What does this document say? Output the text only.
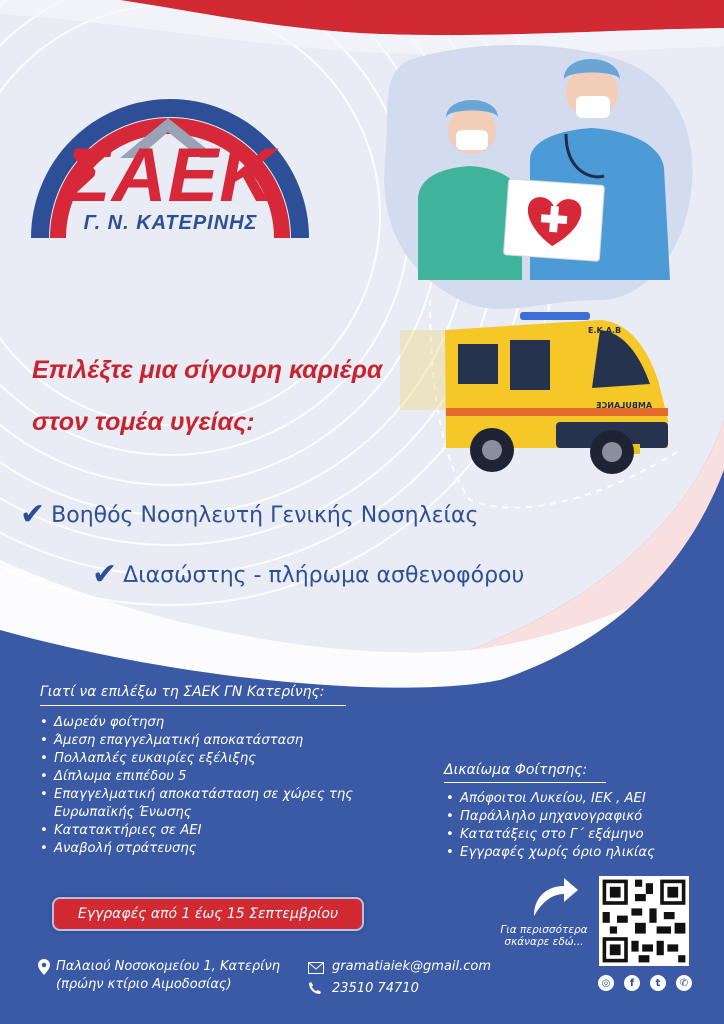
Ε.Κ.Α.Β
AMBULANCE
ΣΑΕΚ
Γ. Ν. ΚΑΤΕΡΙΝΗΣ
Επιλέξτε μια σίγουρη καριέρα
στον τομέα υγείας:
✔ Βοηθός Νοσηλευτή Γενικής Νοσηλείας
✔ Διασώστης - πλήρωμα ασθενοφόρου
Γιατί να επιλέξω τη ΣΑΕΚ ΓΝ Κατερίνης:
• Δωρεάν φοίτηση
• Άμεση επαγγελματική αποκατάσταση
• Πολλαπλές ευκαιρίες εξέλιξης
• Δίπλωμα επιπέδου 5
• Επαγγελματική αποκατάσταση σε χώρες της Ευρωπαϊκής Ένωσης
• Κατατακτήριες σε ΑΕΙ
• Αναβολή στράτευσης
Δικαίωμα Φοίτησης:
• Απόφοιτοι Λυκείου, ΙΕΚ , ΑΕΙ
• Παράλληλο μηχανογραφικό
• Κατατάξεις στο Γ΄ εξάμηνο
• Εγγραφές χωρίς όριο ηλικίας
Εγγραφές από 1 έως 15 Σεπτεμβρίου
Για περισσότερα σκάναρε εδώ...
Παλαιού Νοσοκομείου 1, Κατερίνη
(πρώην κτίριο Αιμοδοσίας)
gramatiaiek@gmail.com
23510 74710	◎	f	t	✆
